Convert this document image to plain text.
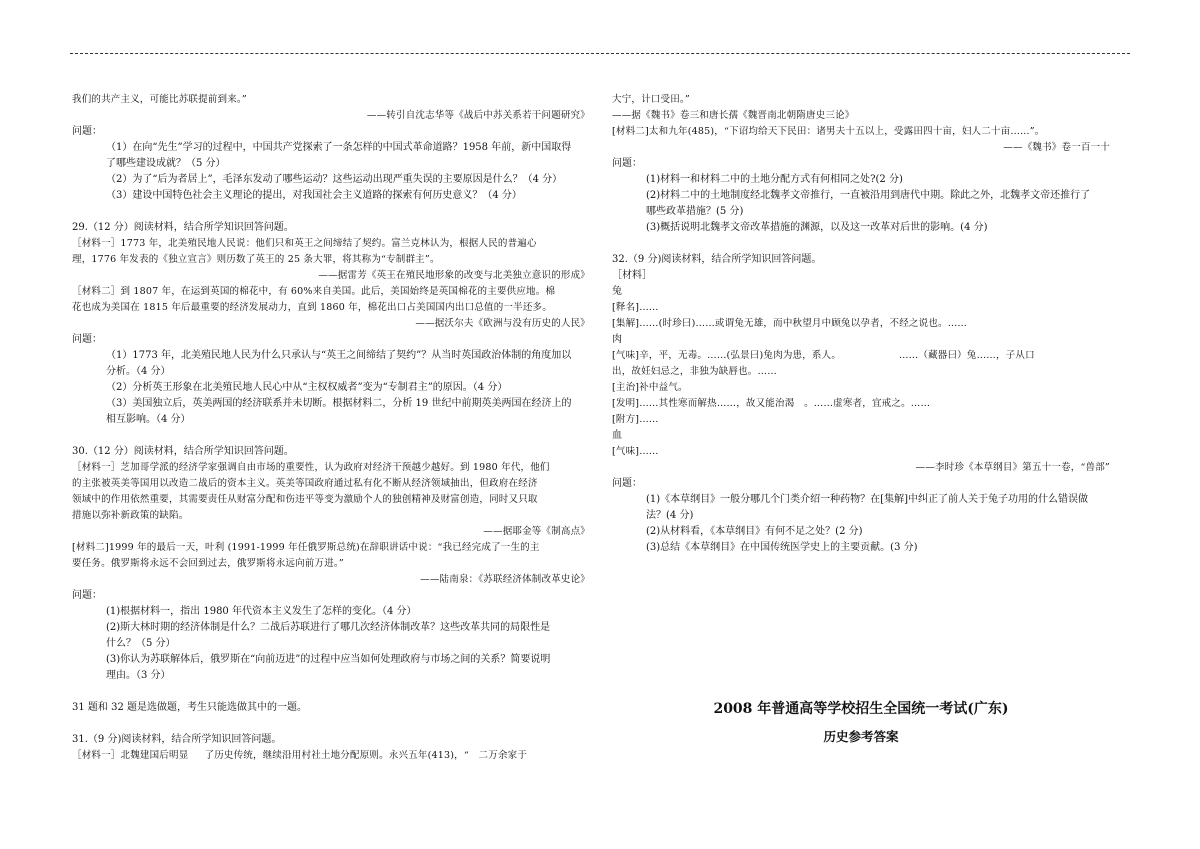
我们的共产主义，可能比苏联提前到来。”

——转引自沈志华等《战后中苏关系若干问题研究》

问题：

（1）在向“先生”学习的过程中，中国共产党探索了一条怎样的中国式革命道路？1958 年前，新中国取得

了哪些建设成就？（5 分）

（2）为了“后为者居上”，毛泽东发动了哪些运动？这些运动出现严重失误的主要原因是什么？（4 分）

（3）建设中国特色社会主义理论的提出，对我国社会主义道路的探索有何历史意义？（4 分）

29.（12 分）阅读材料，结合所学知识回答问题。

［材料一］1773 年，北美殖民地人民说：他们只和英王之间缔结了契约。富兰克林认为，根据人民的普遍心

理，1776 年发表的《独立宣言》则历数了英王的 25 条大罪，将其称为“专制群主”。

——据雷芳《英王在殖民地形象的改变与北美独立意识的形成》

［材料二］到 1807 年，在运到英国的棉花中，有 60%来自美国。此后，美国始终是英国棉花的主要供应地。棉

花也成为美国在 1815 年后最重要的经济发展动力，直到 1860 年，棉花出口占美国国内出口总值的一半还多。

——据沃尔夫《欧洲与没有历史的人民》

问题：

（1）1773 年，北美殖民地人民为什么只承认与“英王之间缔结了契约”？从当时英国政治体制的角度加以

分析。（4 分）

（2）分析英王形象在北美殖民地人民心中从“主权权威者”变为“专制君主”的原因。（4 分）

（3）美国独立后，英美两国的经济联系并未切断。根据材料二，分析 19 世纪中前期英美两国在经济上的

相互影响。（4 分）

30.（12 分）阅读材料，结合所学知识回答问题。

［材料一］芝加哥学派的经济学家强调自由市场的重要性，认为政府对经济干预越少越好。到 1980 年代，他们

的主张被英美等国用以改造二战后的资本主义。英美等国政府通过私有化不断从经济领域抽出，但政府在经济

领域中的作用依然重要，其需要责任从财富分配和伤违平等变为激励个人的独创精神及财富创造，同时又只取

措施以弥补新政策的缺陷。

——据耶金等《制高点》

[材料二]1999 年的最后一天，叶利 (1991-1999 年任俄罗斯总统)在辞职讲话中说：“我已经完成了一生的主

要任务。俄罗斯将永远不会回到过去，俄罗斯将永远向前万进。”

——陆南泉：《苏联经济体制改革史论》

问题：

(1)根据材料一，指出 1980 年代资本主义发生了怎样的变化。（4 分）

(2)斯大林时期的经济体制是什么？二战后苏联进行了哪几次经济体制改革？这些改革共同的局限性是

什么？（5 分）

(3)你认为苏联解体后，俄罗斯在“向前迈进”的过程中应当如何处理政府与市场之间的关系？简要说明

理由。（3 分）

31 题和 32 题是选做题，考生只能选做其中的一题。

31.（9 分)阅读材料，结合所学知识回答问题。

［材料一］北魏建国后明显     了历史传统，继续沿用村社土地分配原则。永兴五年(413)，“   二万余家于

大宁，计口受田。”

——据《魏书》卷三和唐长孺《魏晋南北朝隋唐史三论》

[材料二]太和九年(485)，“下诏均给天下民田：诸男夫十五以上，受露田四十亩，妇人二十亩……”。

——《魏书》卷一百一十

问题：

(1)材料一和材料二中的土地分配方式有何相同之处?(2 分)

(2)材料二中的土地制度经北魏孝文帝推行，一直被沿用到唐代中期。除此之外，北魏孝文帝还推行了

哪些政革措施？(5 分)

(3)概括说明北魏孝文帝改革措施的渊源，以及这一改革对后世的影响。(4 分)

32.（9 分)阅读材料，结合所学知识回答问题。

［材料］

兔

[释名]……

[集解]……(时珍曰)……或谓兔无雄，而中秋望月中顾兔以孕者，不经之说也。……

肉

[气味]辛，平，无毒。……(弘景曰)兔肉为患，系人。                  ……（藏器曰）兔……，子从口

出，故妊妇忌之，非独为缺唇也。……

[主治]补中益气。

[发明]……其性寒而解热……，故又能治渴   。……虚寒者，宜戒之。……

[附方]……

血

[气味]……

——李时珍《本草纲目》第五十一卷，“兽部”

问题：

(1)《本草纲目》一般分哪几个门类介绍一种药物？在[集解]中纠正了前人关于兔子功用的什么错误做

法？(4 分)

(2)从材料看，《本草纲目》有何不足之处？(2 分)

(3)总结《本草纲目》在中国传统医学史上的主要贡献。(3 分)

2008 年普通高等学校招生全国统一考试(广东)
历史参考答案
